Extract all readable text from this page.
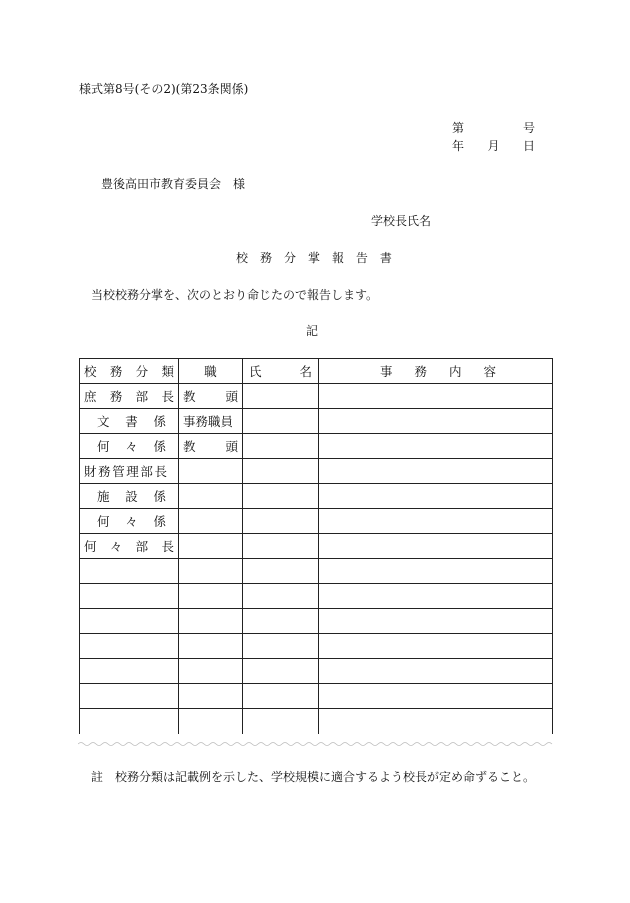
様式第8号(その2)(第23条関係)
第	号
年 月 日
豊後高田市教育委員会　様
学校長氏名
校 務 分 掌 報 告 書
当校校務分掌を、次のとおり命じたので報告します。
記
校 務 分 類	職	氏 名	事 務 内 容

庶 務 部 長	教 頭		

文 書 係	事務職員		

何 々 係	教 頭		

財務管理部長			

施 設 係			

何 々 係			

何 々 部 長			

註　校務分類は記載例を示した、学校規模に適合するよう校長が定め命ずること。
